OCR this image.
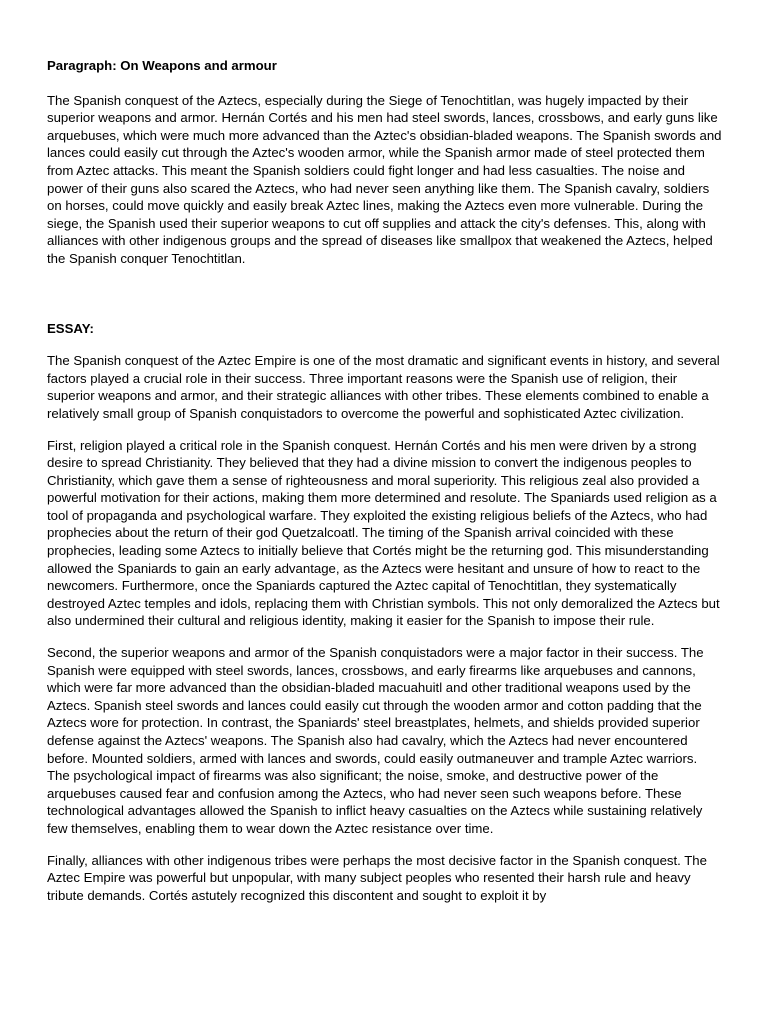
Paragraph: On Weapons and armour
The Spanish conquest of the Aztecs, especially during the Siege of Tenochtitlan, was hugely impacted by their superior weapons and armor. Hernán Cortés and his men had steel swords, lances, crossbows, and early guns like arquebuses, which were much more advanced than the Aztec's obsidian-bladed weapons. The Spanish swords and lances could easily cut through the Aztec's wooden armor, while the Spanish armor made of steel protected them from Aztec attacks. This meant the Spanish soldiers could fight longer and had less casualties. The noise and power of their guns also scared the Aztecs, who had never seen anything like them. The Spanish cavalry, soldiers on horses, could move quickly and easily break Aztec lines, making the Aztecs even more vulnerable. During the siege, the Spanish used their superior weapons to cut off supplies and attack the city's defenses. This, along with alliances with other indigenous groups and the spread of diseases like smallpox that weakened the Aztecs, helped the Spanish conquer Tenochtitlan.
ESSAY:
The Spanish conquest of the Aztec Empire is one of the most dramatic and significant events in history, and several factors played a crucial role in their success. Three important reasons were the Spanish use of religion, their superior weapons and armor, and their strategic alliances with other tribes. These elements combined to enable a relatively small group of Spanish conquistadors to overcome the powerful and sophisticated Aztec civilization.
First, religion played a critical role in the Spanish conquest. Hernán Cortés and his men were driven by a strong desire to spread Christianity. They believed that they had a divine mission to convert the indigenous peoples to Christianity, which gave them a sense of righteousness and moral superiority. This religious zeal also provided a powerful motivation for their actions, making them more determined and resolute. The Spaniards used religion as a tool of propaganda and psychological warfare. They exploited the existing religious beliefs of the Aztecs, who had prophecies about the return of their god Quetzalcoatl. The timing of the Spanish arrival coincided with these prophecies, leading some Aztecs to initially believe that Cortés might be the returning god. This misunderstanding allowed the Spaniards to gain an early advantage, as the Aztecs were hesitant and unsure of how to react to the newcomers. Furthermore, once the Spaniards captured the Aztec capital of Tenochtitlan, they systematically destroyed Aztec temples and idols, replacing them with Christian symbols. This not only demoralized the Aztecs but also undermined their cultural and religious identity, making it easier for the Spanish to impose their rule.
Second, the superior weapons and armor of the Spanish conquistadors were a major factor in their success. The Spanish were equipped with steel swords, lances, crossbows, and early firearms like arquebuses and cannons, which were far more advanced than the obsidian-bladed macuahuitl and other traditional weapons used by the Aztecs. Spanish steel swords and lances could easily cut through the wooden armor and cotton padding that the Aztecs wore for protection. In contrast, the Spaniards' steel breastplates, helmets, and shields provided superior defense against the Aztecs' weapons. The Spanish also had cavalry, which the Aztecs had never encountered before. Mounted soldiers, armed with lances and swords, could easily outmaneuver and trample Aztec warriors. The psychological impact of firearms was also significant; the noise, smoke, and destructive power of the arquebuses caused fear and confusion among the Aztecs, who had never seen such weapons before. These technological advantages allowed the Spanish to inflict heavy casualties on the Aztecs while sustaining relatively few themselves, enabling them to wear down the Aztec resistance over time.
Finally, alliances with other indigenous tribes were perhaps the most decisive factor in the Spanish conquest. The Aztec Empire was powerful but unpopular, with many subject peoples who resented their harsh rule and heavy tribute demands. Cortés astutely recognized this discontent and sought to exploit it by
